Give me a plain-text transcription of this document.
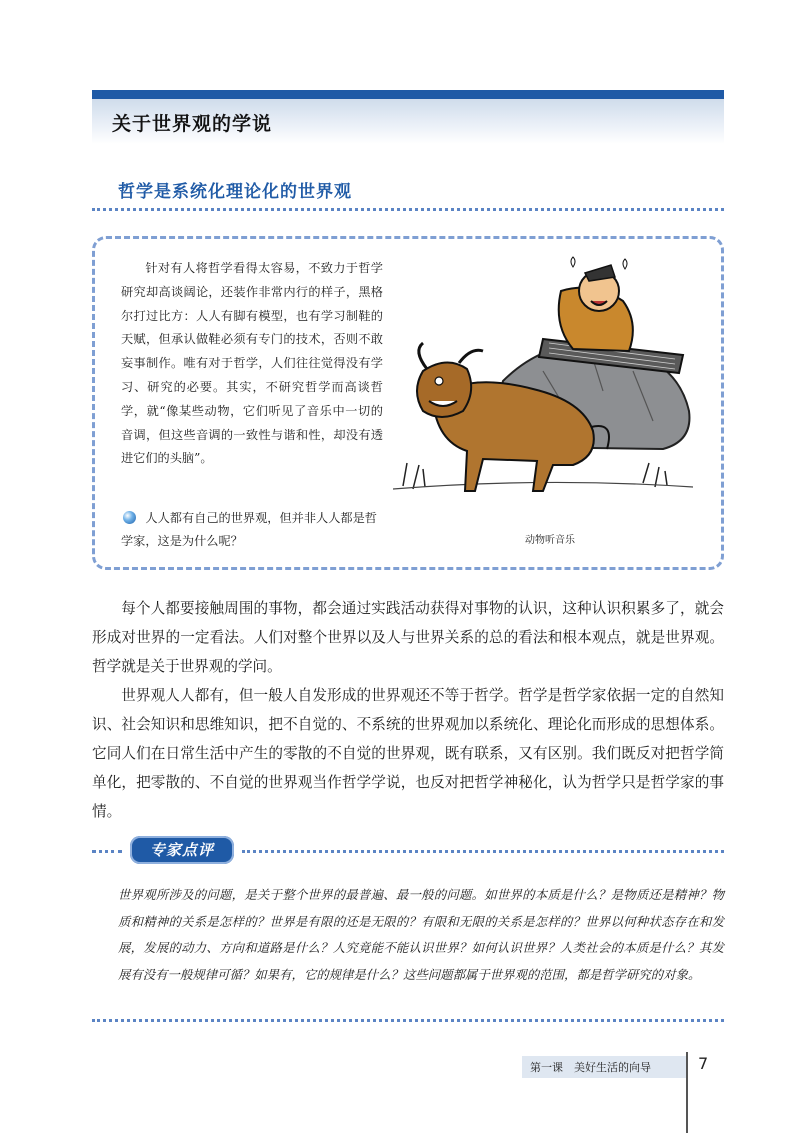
关于世界观的学说
哲学是系统化理论化的世界观
针对有人将哲学看得太容易，不致力于哲学研究却高谈阔论，还装作非常内行的样子，黑格尔打过比方：人人有脚有模型，也有学习制鞋的天赋，但承认做鞋必须有专门的技术，否则不敢妄事制作。唯有对于哲学，人们往往觉得没有学习、研究的必要。其实，不研究哲学而高谈哲学，就“像某些动物，它们听见了音乐中一切的音调，但这些音调的一致性与谐和性，却没有透进它们的头脑”。
人人都有自己的世界观，但并非人人都是哲学家，这是为什么呢？	动物听音乐

每个人都要接触周围的事物，都会通过实践活动获得对事物的认识，这种认识积累多了，就会形成对世界的一定看法。人们对整个世界以及人与世界关系的总的看法和根本观点，就是世界观。哲学就是关于世界观的学问。

世界观人人都有，但一般人自发形成的世界观还不等于哲学。哲学是哲学家依据一定的自然知识、社会知识和思维知识，把不自觉的、不系统的世界观加以系统化、理论化而形成的思想体系。它同人们在日常生活中产生的零散的不自觉的世界观，既有联系，又有区别。我们既反对把哲学简单化，把零散的、不自觉的世界观当作哲学学说，也反对把哲学神秘化，认为哲学只是哲学家的事情。

专家点评

世界观所涉及的问题，是关于整个世界的最普遍、最一般的问题。如世界的本质是什么？是物质还是精神？物质和精神的关系是怎样的？世界是有限的还是无限的？有限和无限的关系是怎样的？世界以何种状态存在和发展，发展的动力、方向和道路是什么？人究竟能不能认识世界？如何认识世界？人类社会的本质是什么？其发展有没有一般规律可循？如果有，它的规律是什么？这些问题都属于世界观的范围，都是哲学研究的对象。

第一课　美好生活的向导	7
